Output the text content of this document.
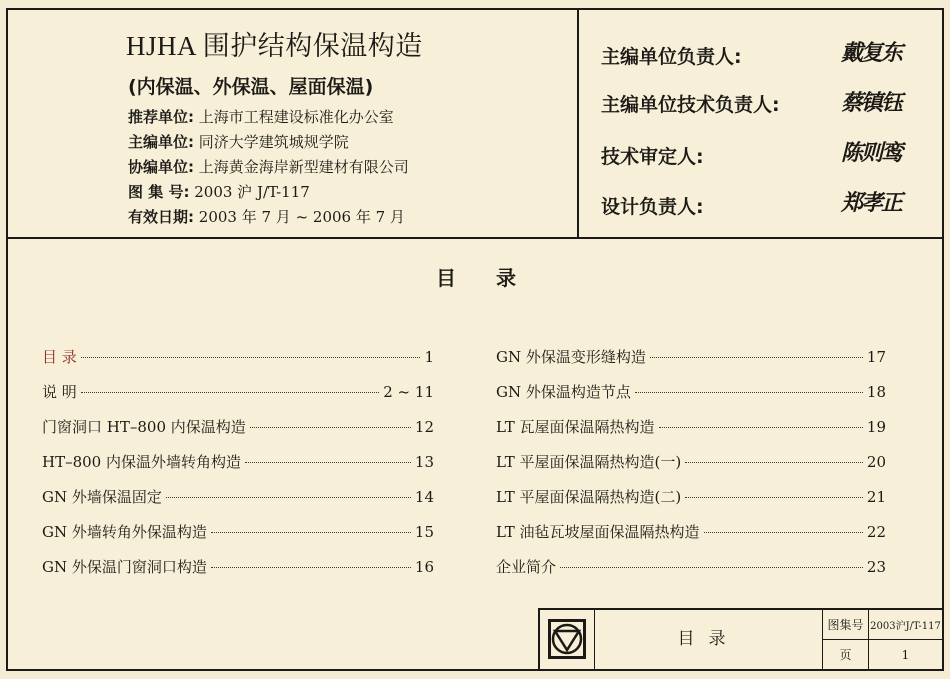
HJHA 围护结构保温构造
(内保温、外保温、屋面保温)
推荐单位: 上海市工程建设标准化办公室
主编单位: 同济大学建筑城规学院
协编单位: 上海黄金海岸新型建材有限公司
图 集 号: 2003 沪 J/T-117
有效日期: 2003 年 7 月 ~ 2006 年 7 月
主编单位负责人:	戴复东
主编单位技术负责人:	蔡镇钰
技术审定人:	陈则鸾
设计负责人:	郑孝正
目录
目 录	1
说 明	2 ~ 11
门窗洞口 HT–800 内保温构造	12
HT–800 内保温外墙转角构造	13
GN 外墙保温固定	14
GN 外墙转角外保温构造	15
GN 外保温门窗洞口构造	16
GN 外保温变形缝构造	17
GN 外保温构造节点	18
LT 瓦屋面保温隔热构造	19
LT 平屋面保温隔热构造(一)	20
LT 平屋面保温隔热构造(二)	21
LT 油毡瓦坡屋面保温隔热构造	22
企业简介	23
目录
图集号 2003沪J/T-117
页	1
